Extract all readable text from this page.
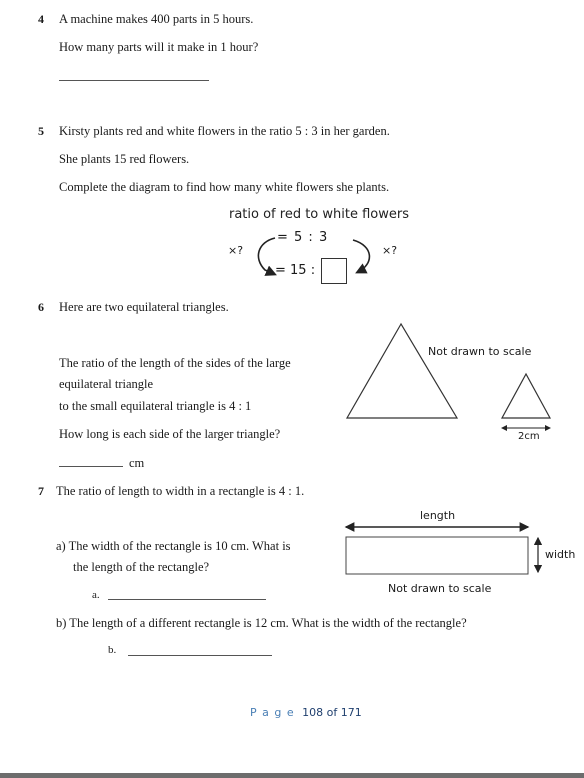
4 A machine makes 400 parts in 5 hours.
How many parts will it make in 1 hour?
5 Kirsty plants red and white flowers in the ratio 5 : 3 in her garden.
She plants 15 red flowers.
Complete the diagram to find how many white flowers she plants.
ratio of red to white flowers
= 5 : 3
= 15 :
×?	×?
6 Here are two equilateral triangles.
The ratio of the length of the sides of the large
equilateral triangle
to the small equilateral triangle is 4 : 1
How long is each side of the larger triangle?
cm
Not drawn to scale
2cm
7 The ratio of length to width in a rectangle is 4 : 1.
length
width
a) The width of the rectangle is 10 cm. What is
the length of the rectangle?
Not drawn to scale
a.
b) The length of a different rectangle is 12 cm. What is the width of the rectangle?
b.
P a g e 108 of 171
